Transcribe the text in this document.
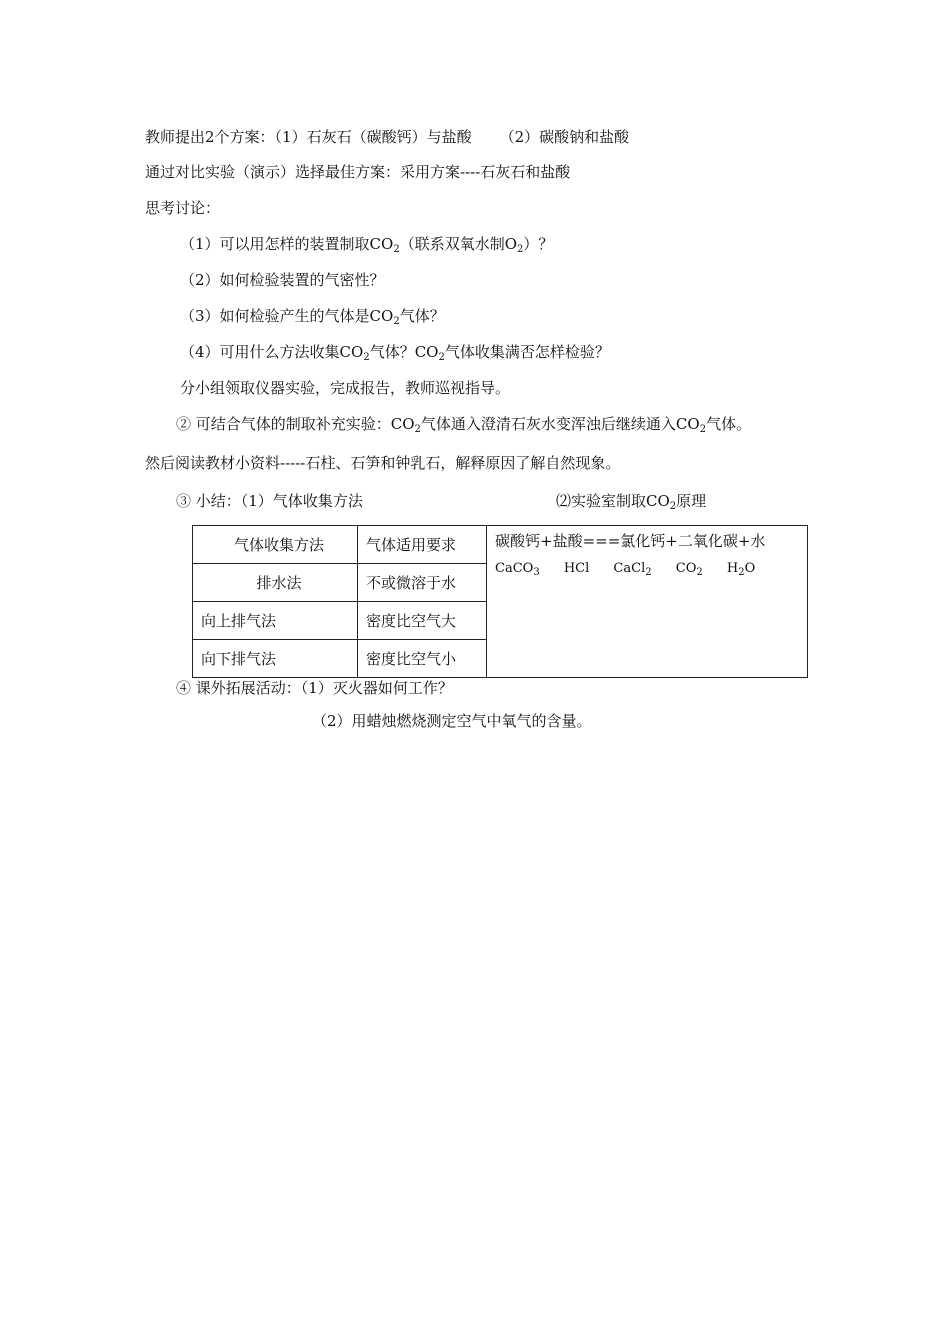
教师提出2个方案：（1）石灰石（碳酸钙）与盐酸 （2）碳酸钠和盐酸
通过对比实验（演示）选择最佳方案：采用方案----石灰石和盐酸
思考讨论：
（1）可以用怎样的装置制取$CO_2$（联系双氧水制$O_2$）？
（2）如何检验装置的气密性？
（3）如何检验产生的气体是$CO_2$气体？
（4）可用什么方法收集$CO_2$气体？$CO_2$气体收集满否怎样检验？
分小组领取仪器实验，完成报告，教师巡视指导。
② 可结合气体的制取补充实验：$CO_2$气体通入澄清石灰水变浑浊后继续通入$CO_2$气体。
然后阅读教材小资料-----石柱、石笋和钟乳石，解释原因了解自然现象。
③ 小结：（1）气体收集方法	⑵实验室制取$CO_2$原理
气体收集方法	气体适用要求	碳酸钙+盐酸===氯化钙+二氧化碳+水
CaCO$_3$ HCl CaCl$_2$ $CO_2$ $H_2O$

排水法	不或微溶于水	
向上排气法	密度比空气大	
向下排气法	密度比空气小	
④ 课外拓展活动：（1）灭火器如何工作？
（2）用蜡烛燃烧测定空气中氧气的含量。
